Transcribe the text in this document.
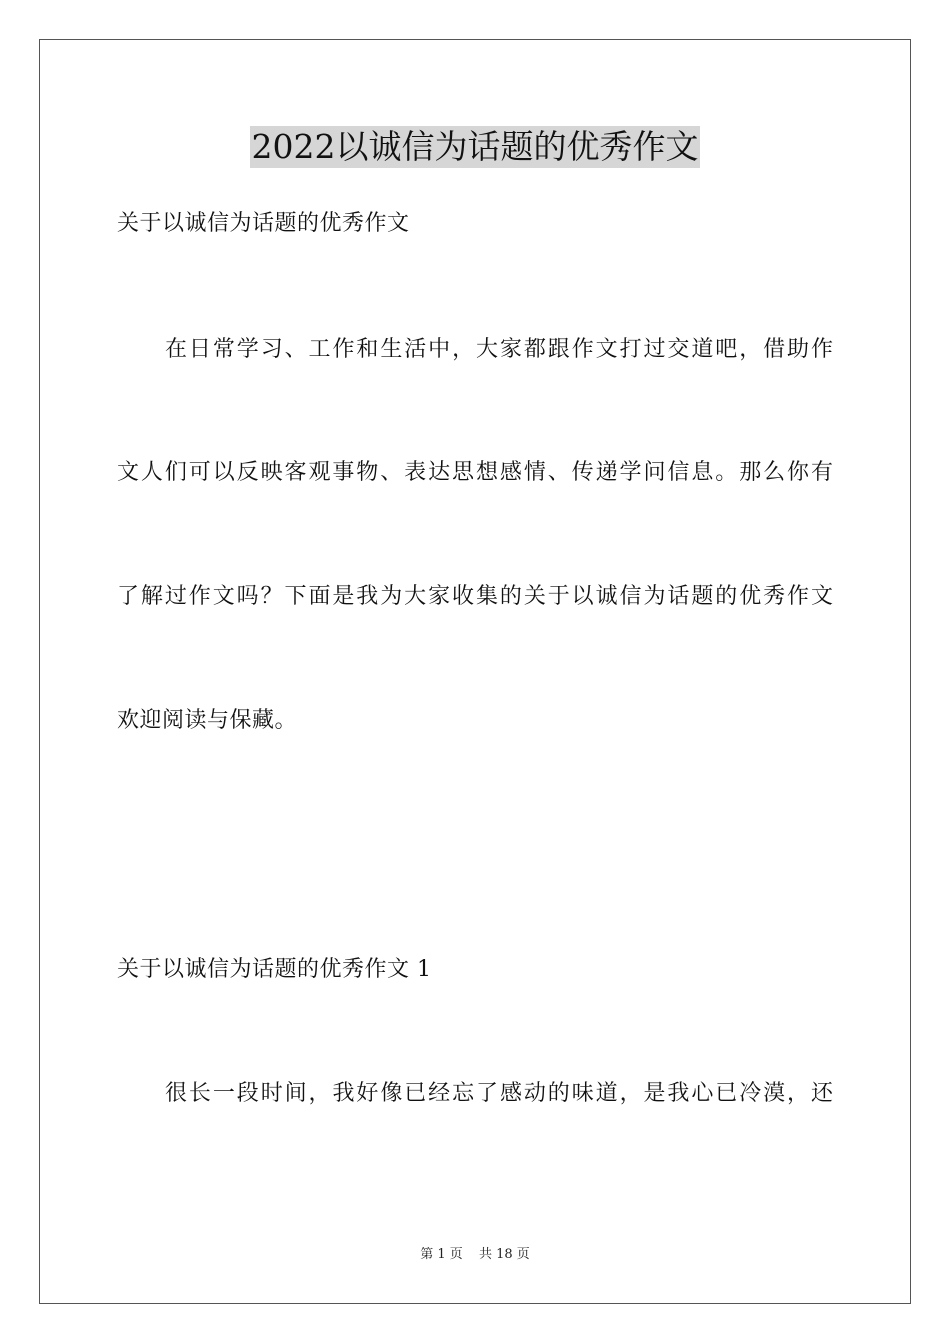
2022以诚信为话题的优秀作文
关于以诚信为话题的优秀作文
在日常学习、工作和生活中，大家都跟作文打过交道吧，借助作
文人们可以反映客观事物、表达思想感情、传递学问信息。那么你有
了解过作文吗？下面是我为大家收集的关于以诚信为话题的优秀作文
欢迎阅读与保藏。
关于以诚信为话题的优秀作文 1
很长一段时间，我好像已经忘了感动的味道，是我心已冷漠，还
第 1 页 共 18 页
